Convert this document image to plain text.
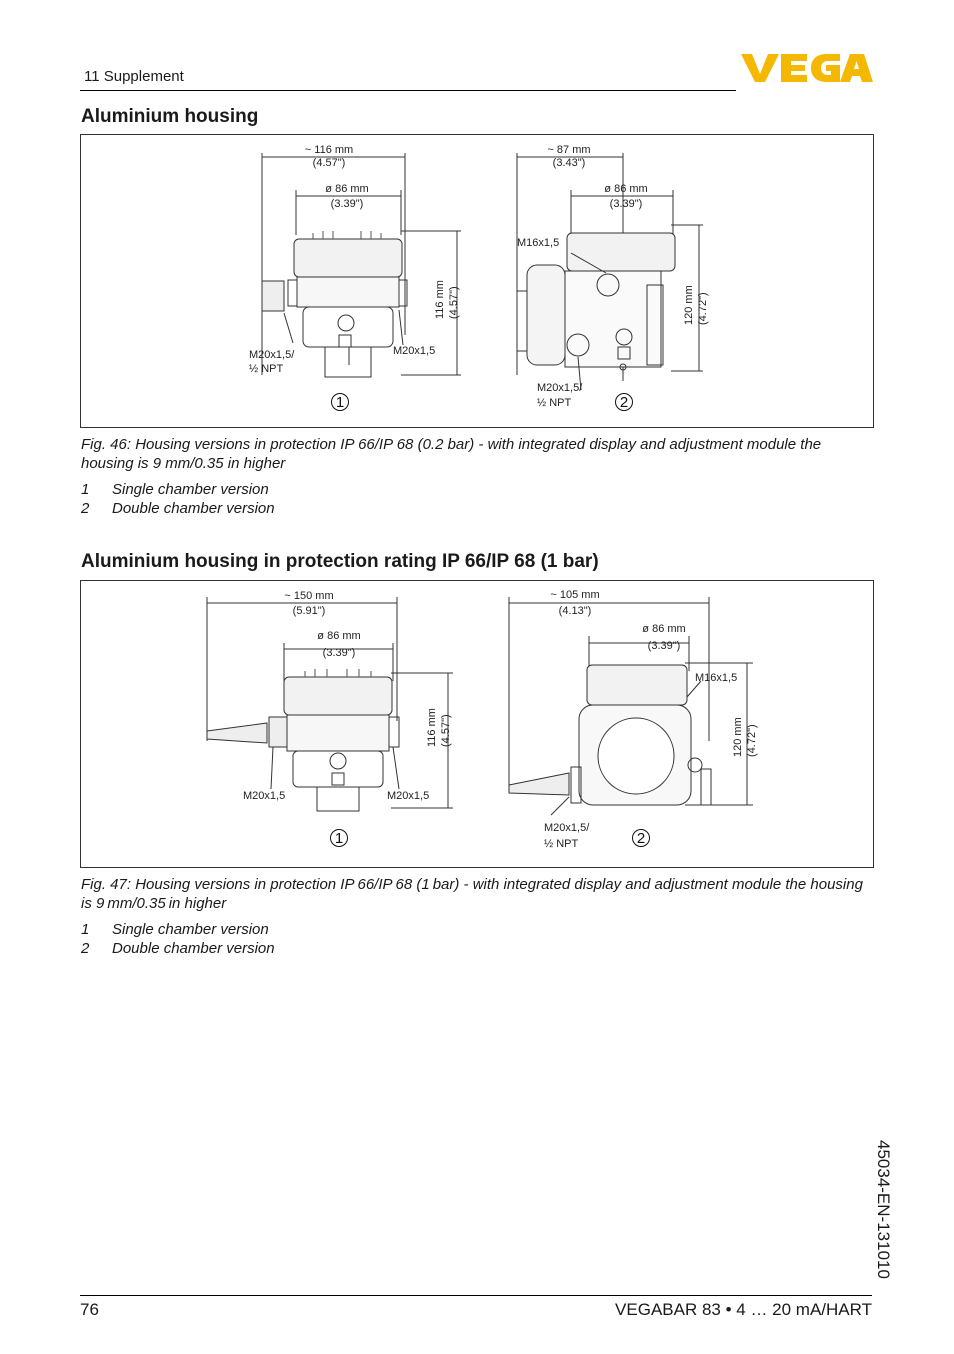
11 Supplement
Aluminium housing
~ 116 mm
(4.57")
ø 86 mm
(3.39")
M20x1,5/
½ NPT
M20x1,5
116 mm (4.57")
~ 87 mm
(3.43")
ø 86 mm
(3.39")
M16x1,5
M20x1,5/
½ NPT
120 mm (4.72")
1	2
Fig. 46: Housing versions in protection IP 66/IP 68 (0.2 bar) - with integrated display and adjustment module the housing is 9 mm/0.35 in higher
1 Single chamber version
2 Double chamber version
Aluminium housing in protection rating IP 66/IP 68 (1 bar)
~ 150 mm
(5.91")
ø 86 mm
(3.39")
M20x1,5	M20x1,5
116 mm (4.57")
~ 105 mm
(4.13")
ø 86 mm
(3.39")
M16x1,5
M20x1,5/
½ NPT
120 mm (4.72")
1	2
Fig. 47: Housing versions in protection IP 66/IP 68 (1 bar) - with integrated display and adjustment module the housing is 9 mm/0.35 in higher
1 Single chamber version
2 Double chamber version
45034-EN-131010
76	VEGABAR 83 • 4 … 20 mA/HART
